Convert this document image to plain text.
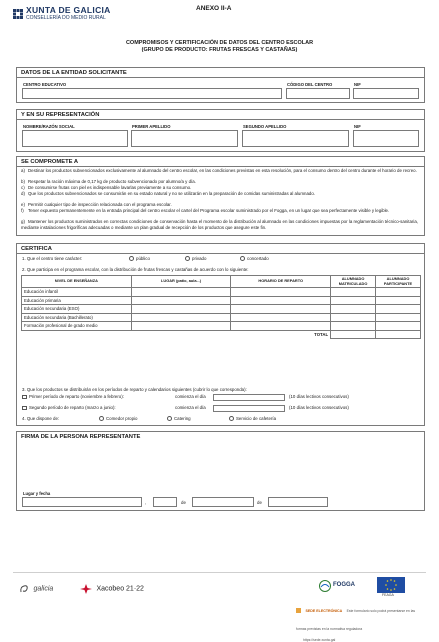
XUNTA DE GALICIA
CONSELLERÍA DO MEDIO RURAL
ANEXO II-A
COMPROMISOS Y CERTIFICACIÓN DE DATOS DEL CENTRO ESCOLAR
(GRUPO DE PRODUCTO: FRUTAS FRESCAS Y CASTAÑAS)
DATOS DE LA ENTIDAD SOLICITANTE
CENTRO EDUCATIVO	CÓDIGO DEL CENTRO	NIF
Y EN SU REPRESENTACIÓN
NOMBRE/RAZÓN SOCIAL	PRIMER APELLIDO	SEGUNDO APELLIDO	NIF
SE COMPROMETE A
a) Destinar los productos subvencionados exclusivamente al alumnado del centro escolar, en las condiciones previstas en esta resolución, para el consumo dentro del centro durante el horario de recreo.
b) Respetar la ración máxima de 0,17 kg de producto subvencionado por alumno/a y día.
c) De consumirse frutas con piel es indispensable lavarlas previamente a su consumo.
d) Que los productos subvencionados se consumirán en su estado natural y no se utilizarán en la preparación de comidas suministradas al alumnado.
e) Permitir cualquier tipo de inspección relacionada con el programa escolar.
f) Tener expuesto permanentemente en la entrada principal del centro escolar el cartel del Programa escolar suministrado por el Fogga, en un lugar que sea perfectamente visible y legible.
g) Mantener los productos suministrados en correctas condiciones de conservación hasta el momento de la distribución al alumnado en las condiciones impuestas por la reglamentación técnico-sanitaria, mediante instalaciones frigoríficas adecuadas o mediante un plan gradual de recepción de los productos que asegure este fin.
CERTIFICA
1. Que el centro tiene carácter:	público	privado	concertado
2. Que participa en el programa escolar, con la distribución de frutas frescas y castañas de acuerdo con lo siguiente:
NIVEL DE ENSEÑANZA	LUGAR (patio, aula...)	HORARIO DE REPARTO	ALUMNADO MATRICULADO	ALUMNADO PARTICIPANTE
Educación infantil				
Educación primaria				
Educación secundaria (ESO)				
Educación secundaria (Bachillerato)				
Formación profesional de grado medio				
TOTAL				
3. Que los productos se distribuirán en los períodos de reparto y calendarios siguientes (cubrir lo que corresponda):
Primer período de reparto (noviembre a febrero):	comienza el día	(10 días lectivos consecutivos)
Segundo período de reparto (marzo a junio):	comienza el día	(10 días lectivos consecutivos)
4. Que dispone de:	Comedor propio	Catering	Servicio de cafetería
FIRMA DE LA PERSONA REPRESENTANTE
Lugar y fecha
,	de	de
galicia	Xacobeo 21·22
FOGGA
FEAGA
SEDE ELECTRÓNICA Este formulario solo podrá presentarse en las formas previstas en la normativa reguladora
https://sede.xunta.gal
